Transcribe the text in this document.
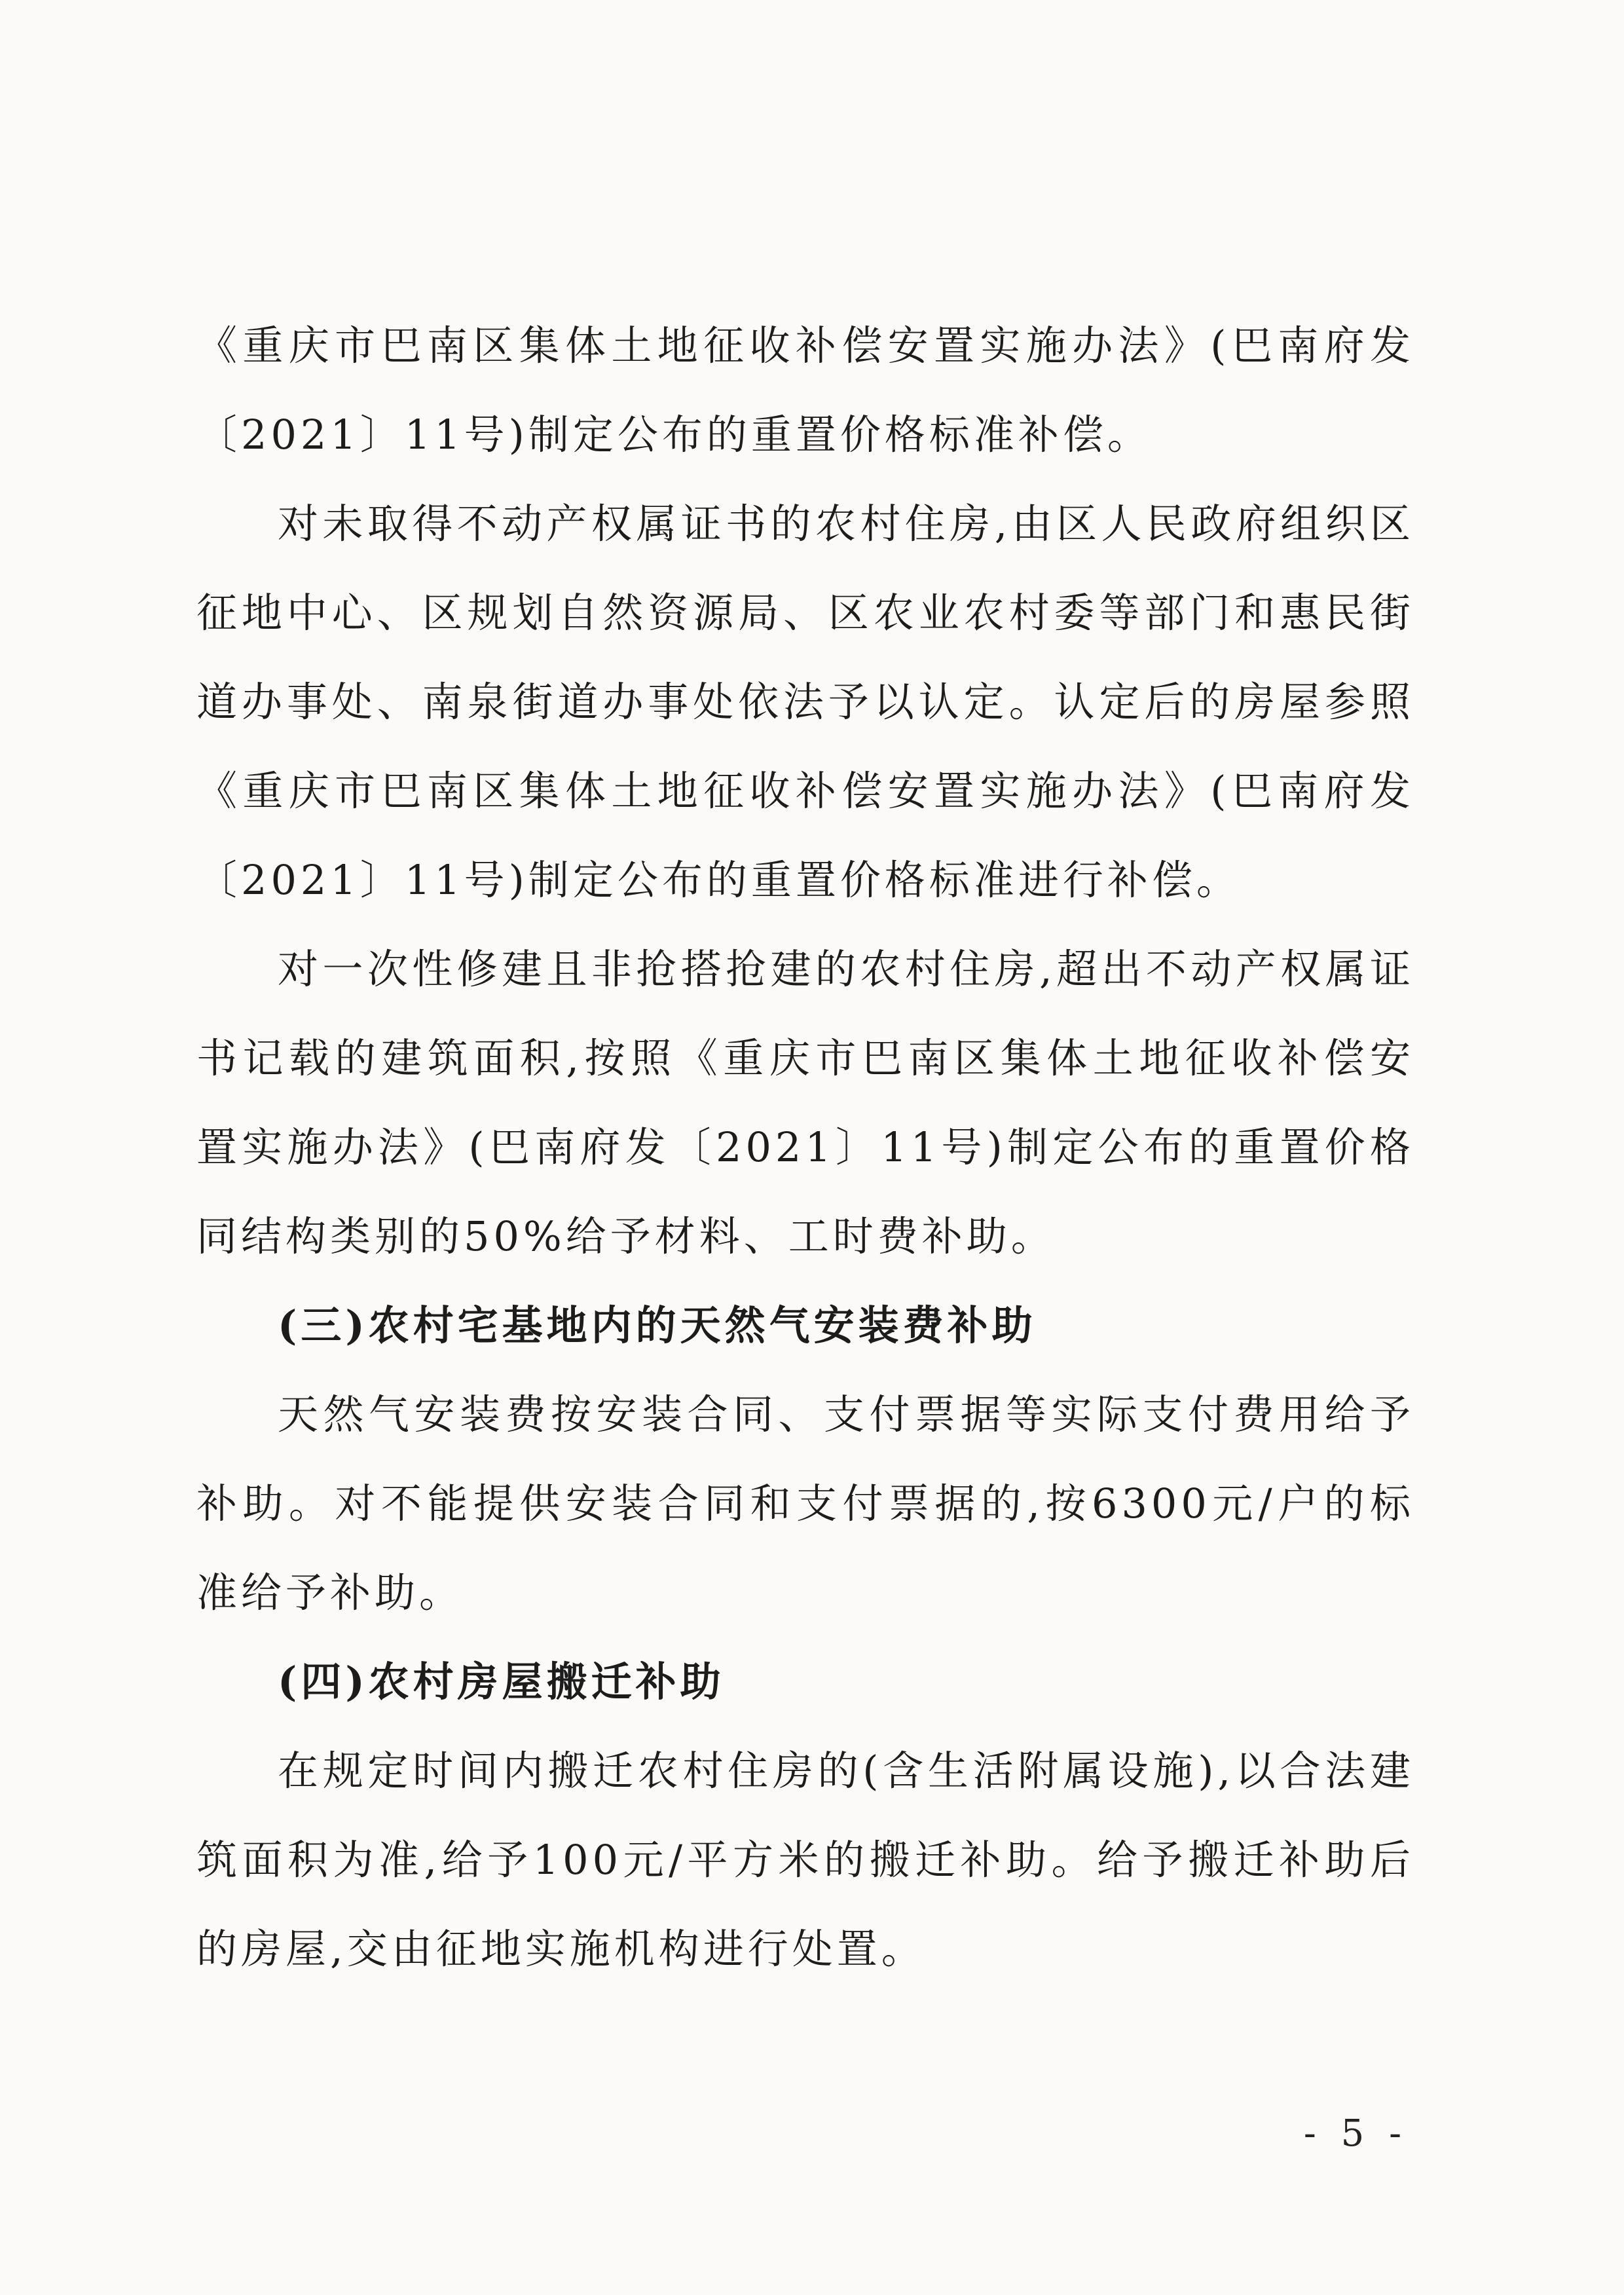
《重庆市巴南区集体土地征收补偿安置实施办法》(巴南府发〔2021〕11号)制定公布的重置价格标准补偿。

对未取得不动产权属证书的农村住房,由区人民政府组织区征地中心、区规划自然资源局、区农业农村委等部门和惠民街道办事处、南泉街道办事处依法予以认定。认定后的房屋参照《重庆市巴南区集体土地征收补偿安置实施办法》(巴南府发〔2021〕11号)制定公布的重置价格标准进行补偿。

对一次性修建且非抢搭抢建的农村住房,超出不动产权属证书记载的建筑面积,按照《重庆市巴南区集体土地征收补偿安置实施办法》(巴南府发〔2021〕11号)制定公布的重置价格同结构类别的50%给予材料、工时费补助。

(三)农村宅基地内的天然气安装费补助

天然气安装费按安装合同、支付票据等实际支付费用给予补助。对不能提供安装合同和支付票据的,按6300元/户的标准给予补助。

(四)农村房屋搬迁补助

在规定时间内搬迁农村住房的(含生活附属设施),以合法建筑面积为准,给予100元/平方米的搬迁补助。给予搬迁补助后的房屋,交由征地实施机构进行处置。

- 5 -
